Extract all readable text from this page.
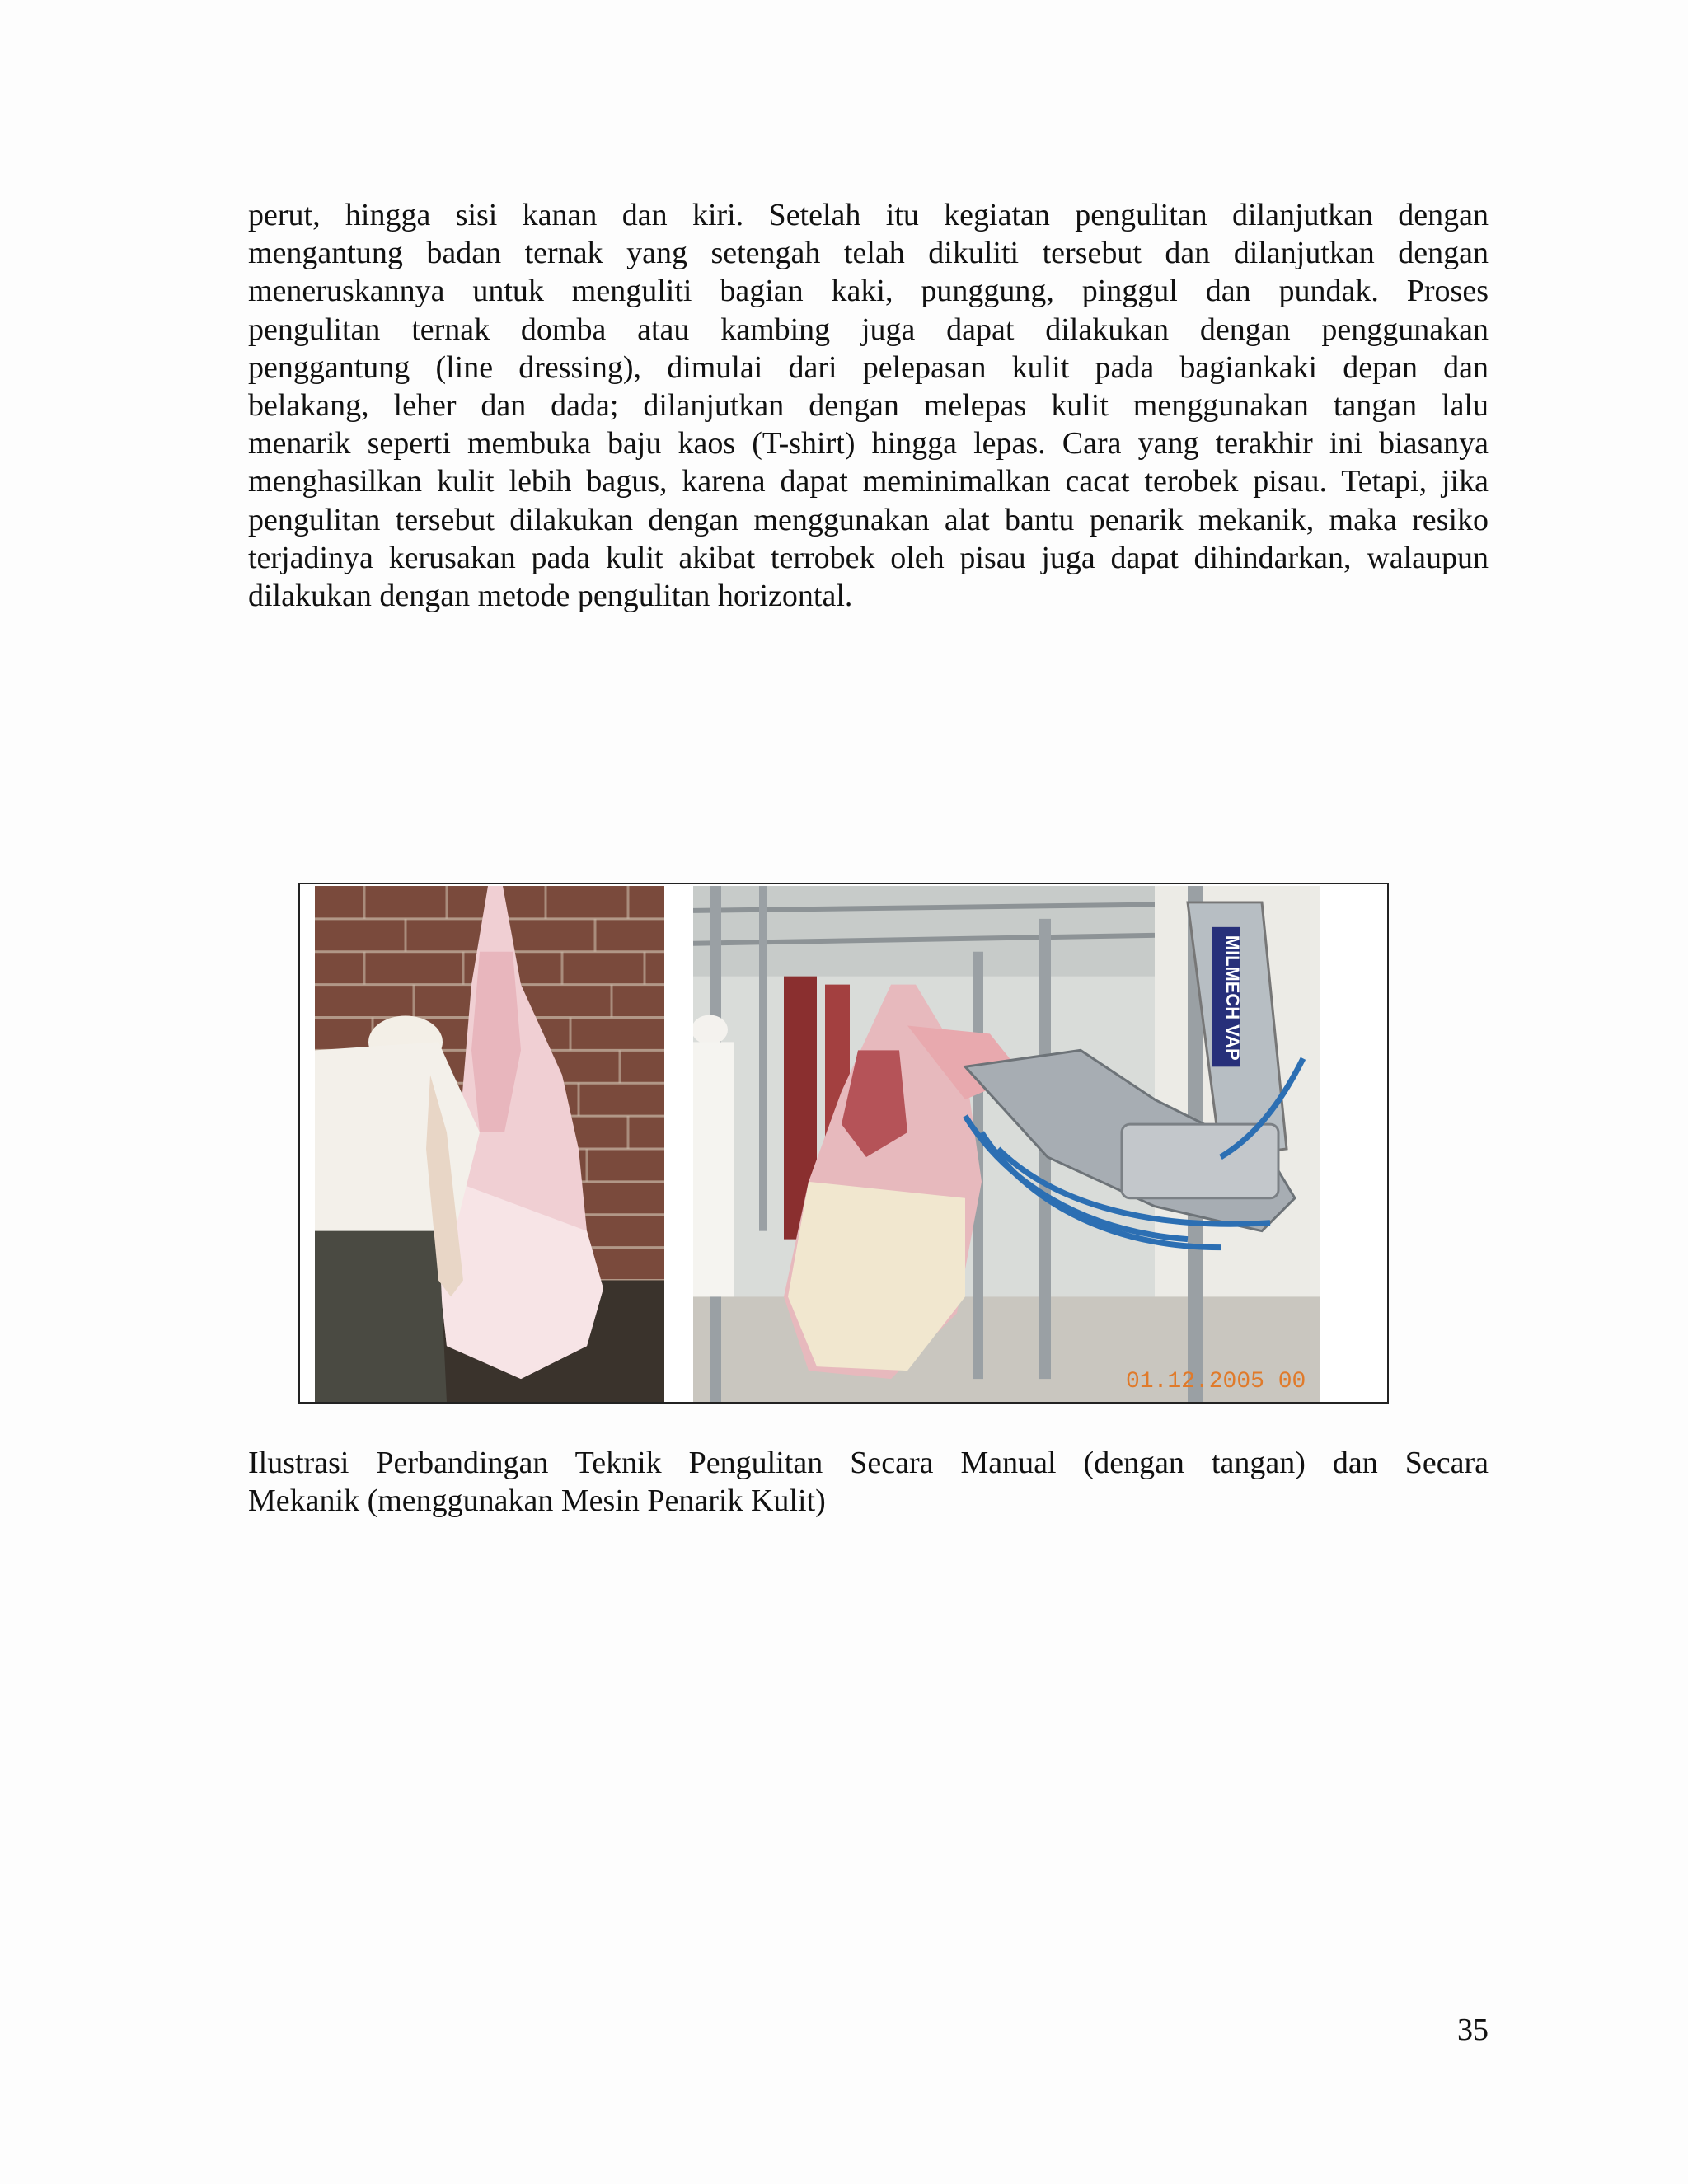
perut, hingga sisi kanan dan kiri. Setelah itu kegiatan pengulitan dilanjutkan dengan
mengantung badan ternak yang setengah telah dikuliti tersebut dan dilanjutkan dengan
meneruskannya untuk menguliti bagian kaki, punggung, pinggul dan pundak. Proses
pengulitan ternak domba atau kambing juga dapat dilakukan dengan penggunakan
penggantung (line dressing), dimulai dari pelepasan kulit pada bagiankaki depan dan
belakang, leher dan dada; dilanjutkan dengan melepas kulit menggunakan tangan lalu
menarik seperti membuka baju kaos (T-shirt) hingga lepas. Cara yang terakhir ini biasanya
menghasilkan kulit lebih bagus, karena dapat meminimalkan cacat terobek pisau. Tetapi, jika
pengulitan tersebut dilakukan dengan menggunakan alat bantu penarik mekanik, maka resiko
terjadinya kerusakan pada kulit akibat terrobek oleh pisau juga dapat dihindarkan, walaupun
dilakukan dengan metode pengulitan horizontal.
MILMECH VAP
01.12.2005 00
Ilustrasi Perbandingan Teknik Pengulitan Secara Manual (dengan tangan) dan Secara
Mekanik (menggunakan Mesin Penarik Kulit)
35
